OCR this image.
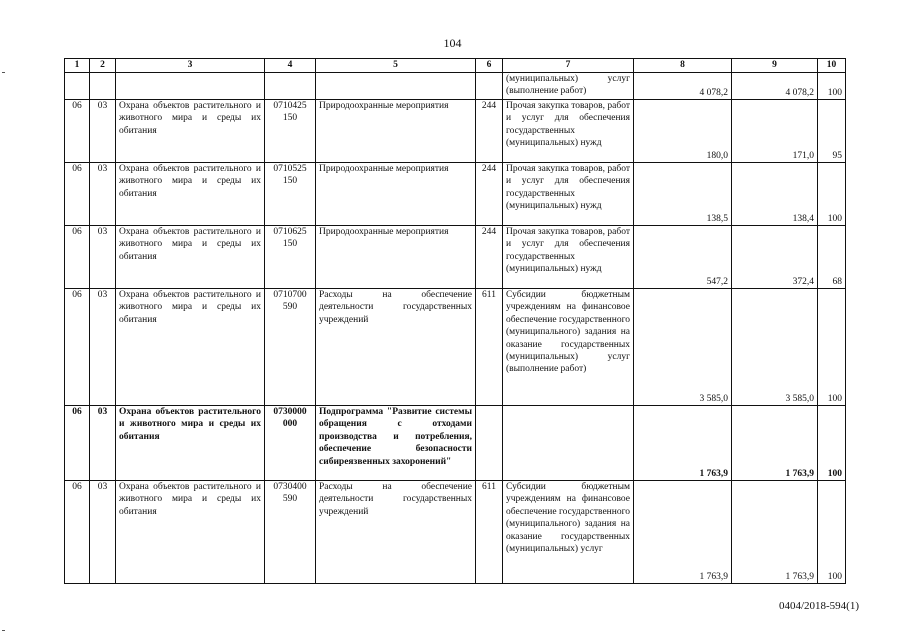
104
1	2	3	4	5	6	7	8	9	10
						(муниципальных) услуг (выполнение работ)	4 078,2	4 078,2	100
06	03	Охрана объектов растительного и животного мира и среды их обитания	0710425 150	Природоохранные мероприятия	244	Прочая закупка товаров, работ и услуг для обеспечения государственных (муниципальных) нужд	180,0	171,0	95
06	03	Охрана объектов растительного и животного мира и среды их обитания	0710525 150	Природоохранные мероприятия	244	Прочая закупка товаров, работ и услуг для обеспечения государственных (муниципальных) нужд	138,5	138,4	100
06	03	Охрана объектов растительного и животного мира и среды их обитания	0710625 150	Природоохранные мероприятия	244	Прочая закупка товаров, работ и услуг для обеспечения государственных (муниципальных) нужд	547,2	372,4	68
06	03	Охрана объектов растительного и животного мира и среды их обитания	0710700 590	Расходы на обеспечение деятельности государственных учреждений	611	Субсидии бюджетным учреждениям на финансовое обеспечение государственного (муниципального) задания на оказание государственных (муниципальных) услуг (выполнение работ)	3 585,0	3 585,0	100
06	03	Охрана объектов растительного и животного мира и среды их обитания	0730000 000	Подпрограмма "Развитие системы обращения с отходами производства и потребления, обеспечение безопасности сибиреязвенных захоронений"			1 763,9	1 763,9	100
06	03	Охрана объектов растительного и животного мира и среды их обитания	0730400 590	Расходы на обеспечение деятельности государственных учреждений	611	Субсидии бюджетным учреждениям на финансовое обеспечение государственного (муниципального) задания на оказание государственных (муниципальных) услуг	1 763,9	1 763,9	100
0404/2018-594(1)
